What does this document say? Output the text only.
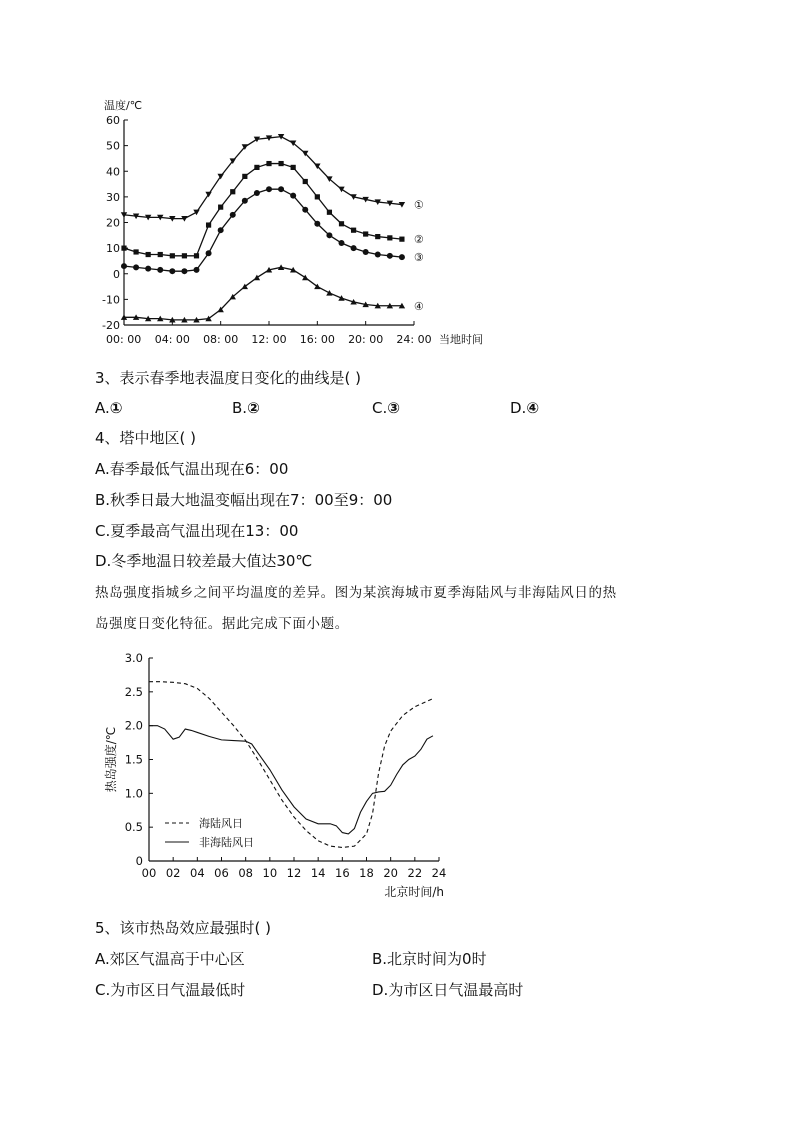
温度/℃
60
50
40
30
20
10
0
-10
-20
00: 00 04: 00 08: 00 12: 00 16: 00 20: 00 24: 00 当地时间
①
②
③
④
3、表示春季地表温度日变化的曲线是( )
A.①	B.②	C.③	D.④
4、塔中地区( )
A.春季最低气温出现在6：00
B.秋季日最大地温变幅出现在7：00至9：00
C.夏季最高气温出现在13：00
D.冬季地温日较差最大值达30℃
热岛强度指城乡之间平均温度的差异。图为某滨海城市夏季海陆风与非海陆风日的热
岛强度日变化特征。据此完成下面小题。
3.0
2.5
2.0
1.5
1.0
0.5
0
00 02 04 06 08 10 12 14 16 18 20 22 24
北京时间/h
热岛强度/℃
海陆风日
非海陆风日
5、该市热岛效应最强时( )
A.郊区气温高于中心区	B.北京时间为0时
C.为市区日气温最低时	D.为市区日气温最高时
